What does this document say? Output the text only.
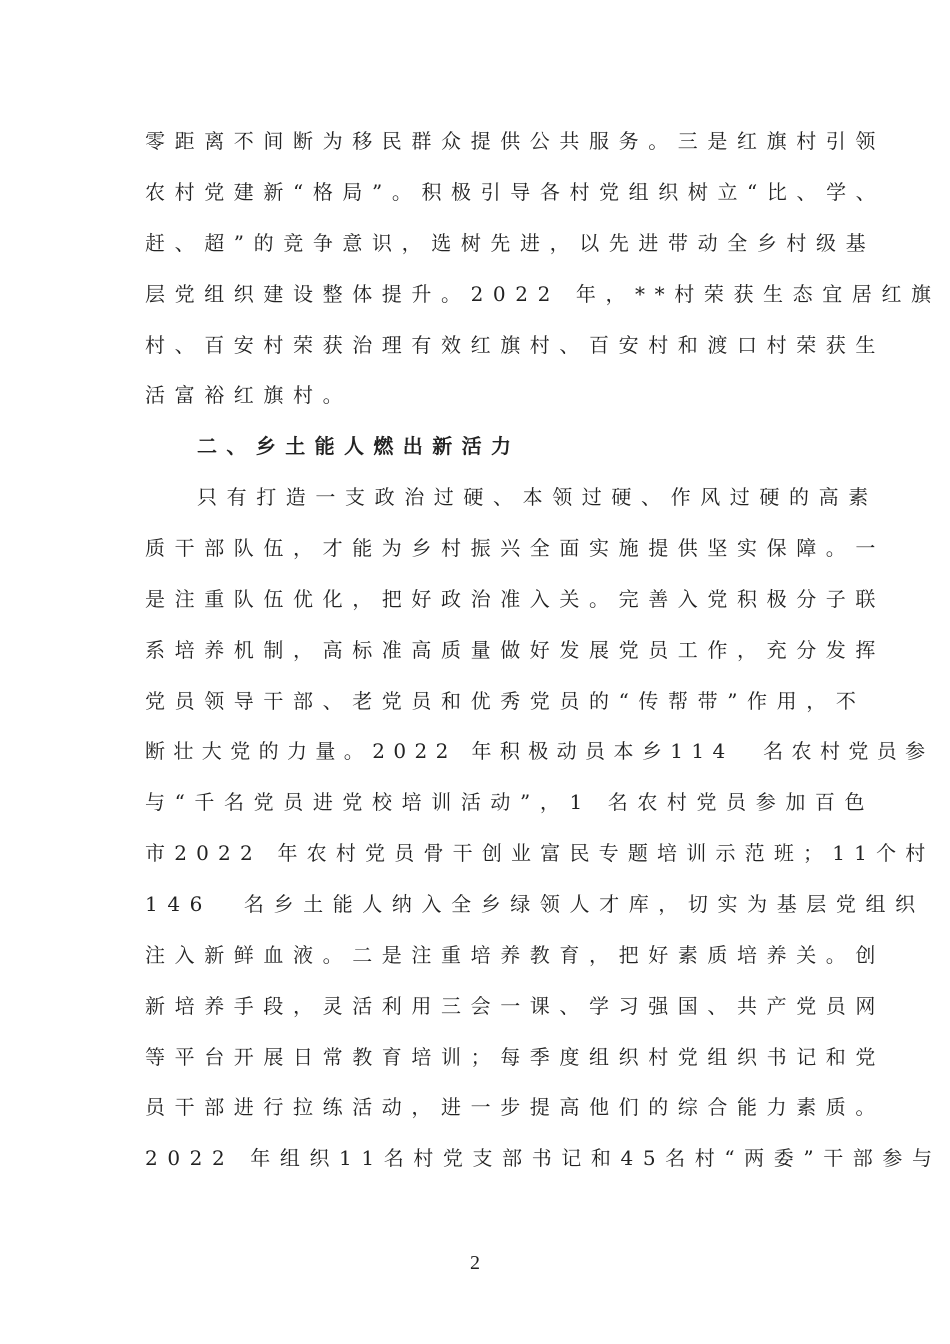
零距离不间断为移民群众提供公共服务。三是红旗村引领
农村党建新“格局”。积极引导各村党组织树立“比、学、
赶、超”的竞争意识，选树先进，以先进带动全乡村级基
层党组织建设整体提升。2022 年，**村荣获生态宜居红旗
村、百安村荣获治理有效红旗村、百安村和渡口村荣获生
活富裕红旗村。
二、乡土能人燃出新活力
只有打造一支政治过硬、本领过硬、作风过硬的高素
质干部队伍，才能为乡村振兴全面实施提供坚实保障。一
是注重队伍优化，把好政治准入关。完善入党积极分子联
系培养机制，高标准高质量做好发展党员工作，充分发挥
党员领导干部、老党员和优秀党员的“传帮带”作用，不
断壮大党的力量。2022 年积极动员本乡114  名农村党员参
与“千名党员进党校培训活动”，1 名农村党员参加百色
市2022 年农村党员骨干创业富民专题培训示范班；11个村
146  名乡土能人纳入全乡绿领人才库，切实为基层党组织
注入新鲜血液。二是注重培养教育，把好素质培养关。创
新培养手段，灵活利用三会一课、学习强国、共产党员网
等平台开展日常教育培训；每季度组织村党组织书记和党
员干部进行拉练活动，进一步提高他们的综合能力素质。
2022 年组织11名村党支部书记和45名村“两委”干部参与
2
